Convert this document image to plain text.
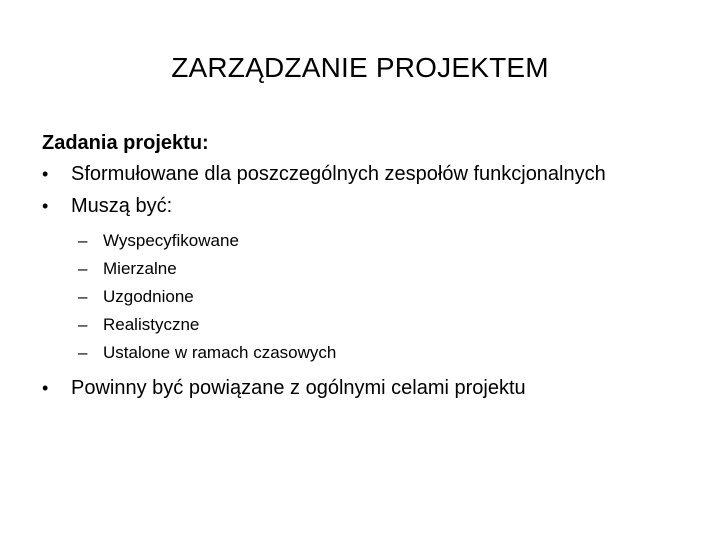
ZARZĄDZANIE PROJEKTEM
Zadania projektu:
•	Sformułowane dla poszczególnych zespołów funkcjonalnych
•	Muszą być:
– Wyspecyfikowane
– Mierzalne
– Uzgodnione
– Realistyczne
– Ustalone w ramach czasowych
•	Powinny być powiązane z ogólnymi celami projektu
